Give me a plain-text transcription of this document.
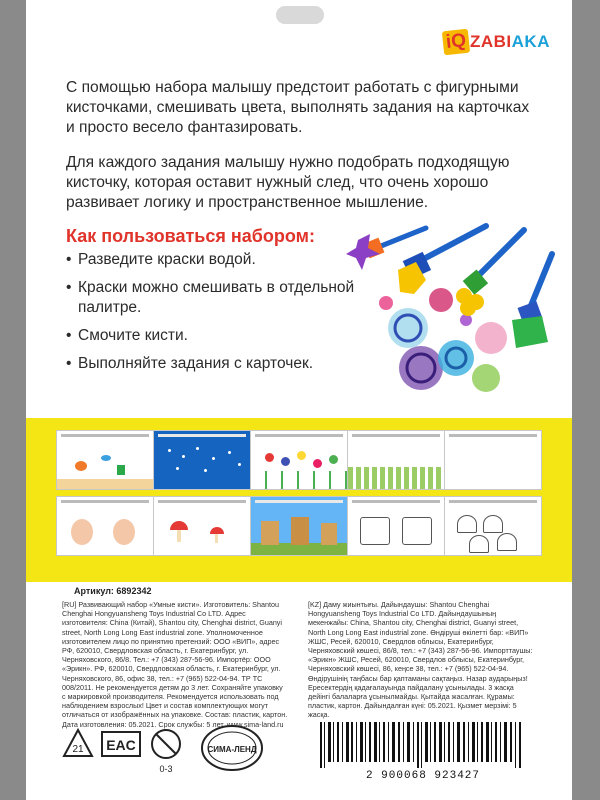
iQ ZABIAKA

С помощью набора малышу предстоит работать с фигурными кисточками, смешивать цвета, выполнять задания на карточках и просто весело фантазировать.

Для каждого задания малышу нужно подобрать подходящую кисточку, которая оставит нужный след, что очень хорошо развивает логику и пространственное мышление.

Как пользоваться набором:

• Разведите краски водой.
• Краски можно смешивать в отдельной палитре.
• Смочите кисти.
• Выполняйте задания с карточек.
Артикул: 6892342

[RU] Развивающий набор «Умные кисти». Изготовитель: Shantou Chenghai Hongyuansheng Toys Industrial Co LTD. Адрес изготовителя: China (Китай), Shantou city, Chenghai district, Guanyi street, North Long Long East industrial zone. Уполномоченное изготовителем лицо по принятию претензий: ООО «ВИП», адрес РФ, 620010, Свердловская область, г. Екатеринбург, ул. Черняховского, 86/8. Тел.: +7 (343) 287-56-96. Импортёр: ООО «Эрикн». РФ, 620010, Свердловская область, г. Екатеринбург, ул. Черняховского, 86, офис 38, тел.: +7 (965) 522-04-94. ТР ТС 008/2011. Не рекомендуется детям до 3 лет. Сохраняйте упаковку с маркировкой производителя. Рекомендуется использовать под наблюдением взрослых! Цвет и состав комплектующих могут отличаться от изображённых на упаковке. Состав: пластик, картон. Дата изготовления: 05.2021. Срок службы: 5 лет. www.sima-land.ru

[KZ] Даму жиынтығы. Дайындаушы: Shantou Chenghai Hongyuansheng Toys Industrial Co LTD. Дайындаушының мекенжайы: China, Shantou city, Chenghai district, Guanyi street, North Long Long East industrial zone. Өндіруші өкілетті бар: «ВИП» ЖШС, Ресей, 620010, Свердлов облысы, Екатеринбург, Черняховский көшесі, 86/8, тел.: +7 (343) 287-56-96. Импорттаушы: «Эрикн» ЖШС, Ресей, 620010, Свердлов облысы, Екатеринбург, Черняховский көшесі, 86, кеңсе 38, тел.: +7 (965) 522-04-94. Өндірушінің таңбасы бар қаптаманы сақтаңыз. Назар аударыңыз! Ересектердің қадағалауында пайдалану ұсынылады. 3 жасқа дейінгі балаларға ұсынылмайды. Қытайда жасалған. Құрамы: пластик, картон. Дайындалған күні: 05.2021. Қызмет мерзімі: 5 жасқа.

21 EAC
0-3
СИМА-ЛЕНД
2 900068 923427
